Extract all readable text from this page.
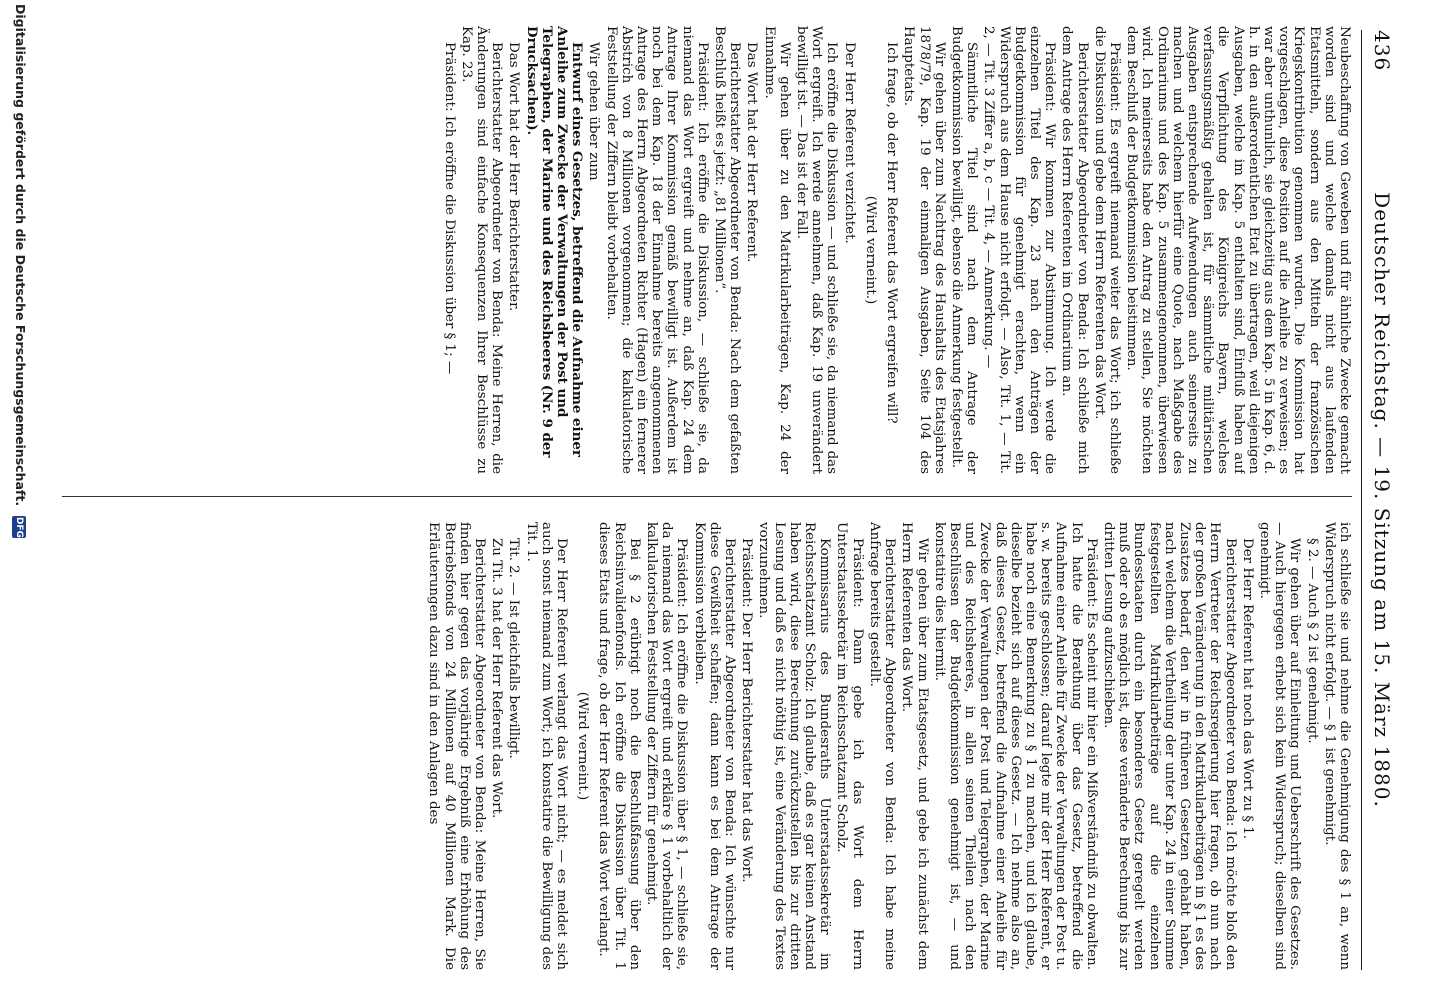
436
Deutscher Reichstag. — 19. Sitzung am 15. März 1880.

Neubeschaffung von Geweben und für ähnliche Zwecke gemacht worden sind und welche damals nicht aus laufenden Etatsmitteln, sondern aus den Mitteln der französischen Kriegskontribution genommen wurden. Die Kommission hat vorgeschlagen, diese Position auf die Anleihe zu verweisen; es war aber unthunlich, sie gleichzeitig aus dem Kap. 5 in Kap. 6, d. h. in den außerordentlichen Etat zu übertragen, weil diejenigen Ausgaben, welche im Kap. 5 enthalten sind, Einfluß haben auf die Verpflichtung des Königreichs Bayern, welches verfassungsmäßig gehalten ist, für sämmtliche militärischen Ausgaben entsprechende Aufwendungen auch seinerseits zu machen und welchem hierfür eine Quote, nach Maßgabe des Ordinariums und des Kap. 5 zusammengenommen, überwiesen wird. Ich meinerseits habe den Antrag zu stellen, Sie möchten dem Beschluß der Budgetkommission beistimmen.

Präsident: Es ergreift niemand weiter das Wort; ich schließe die Diskussion und gebe dem Herrn Referenten das Wort.

Berichterstatter Abgeordneter von Benda: Ich schließe mich dem Antrage des Herrn Referenten im Ordinarium an.

Präsident: Wir kommen zur Abstimmung. Ich werde die einzelnen Titel des Kap. 23 nach den Anträgen der Budgetkommission für genehmigt erachten, wenn ein Widerspruch aus dem Hause nicht erfolgt. — Also, Tit. 1, — Tit. 2, — Tit. 3 Ziffer a, b, c — Tit. 4, — Anmerkung. —

Sämmtliche Titel sind nach dem Antrage der Budgetkommission bewilligt, ebenso die Anmerkung festgestellt.

Wir gehen über zum Nachtrag des Haushalts des Etatsjahres 1878/79, Kap. 19 der einmaligen Ausgaben, Seite 104 des Hauptetats.

Ich frage, ob der Herr Referent das Wort ergreifen will?

(Wird verneint.)

Der Herr Referent verzichtet.

Ich eröffne die Diskussion — und schließe sie, da niemand das Wort ergreift. Ich werde annehmen, daß Kap. 19 unverändert bewilligt ist. — Das ist der Fall.

Wir gehen über zu den Matrikularbeiträgen, Kap. 24 der Einnahme.

Das Wort hat der Herr Referent.

Berichterstatter Abgeordneter von Benda: Nach dem gefaßten Beschluß heißt es jetzt: „81 Millionen“.

Präsident: Ich eröffne die Diskussion, — schließe sie, da niemand das Wort ergreift und nehme an, daß Kap. 24 dem Antrage Ihrer Kommission gemäß bewilligt ist. Außerdem ist noch bei dem Kap. 18 der Einnahme bereits angenommenen Antrage des Herrn Abgeordneten Richter (Hagen) ein fernerer Abstrich von 8 Millionen vorgenommen; die kalkulatorische Feststellung der Ziffern bleibt vorbehalten.

Wir gehen über zum

Entwurf eines Gesetzes, betreffend die Aufnahme einer Anleihe zum Zwecke der Verwaltungen der Post und Telegraphen, der Marine und des Reichsheeres (Nr. 9 der Drucksachen).

Das Wort hat der Herr Berichterstatter.

Berichterstatter Abgeordneter von Benda: Meine Herren, die Änderungen sind einfache Konsequenzen Ihrer Beschlüsse zu Kap. 23.

Präsident: Ich eröffne die Diskussion über § 1; —

ich schließe sie und nehme die Genehmigung des § 1 an, wenn Widerspruch nicht erfolgt. — § 1 ist genehmigt.

§ 2. — Auch § 2 ist genehmigt.

Wir gehen über auf Einleitung und Ueberschrift des Gesetzes. — Auch hiergegen erhebt sich kein Widerspruch; dieselben sind genehmigt.

Der Herr Referent hat noch das Wort zu § 1.

Berichterstatter Abgeordneter von Benda: Ich möchte bloß den Herrn Vertreter der Reichsregierung hier fragen, ob nun nach der großen Veränderung in den Matrikularbeiträgen in § 1 es des Zusatzes bedarf, den wir in früheren Gesetzen gehabt haben, nach welchem die Vertheilung der unter Kap. 24 in einer Summe festgestellten Matrikularbeiträge auf die einzelnen Bundesstaaten durch ein besonderes Gesetz geregelt werden muß oder ob es möglich ist, diese veränderte Berechnung bis zur dritten Lesung aufzuschieben.

Präsident: Es scheint mir hier ein Mißverständniß zu obwalten. Ich hatte die Berathung über das Gesetz, betreffend die Aufnahme einer Anleihe für Zwecke der Verwaltungen der Post u. s. w. bereits geschlossen; darauf legte mir der Herr Referent, er habe noch eine Bemerkung zu § 1 zu machen, und ich glaube, dieselbe bezieht sich auf dieses Gesetz. — Ich nehme also an, daß dieses Gesetz, betreffend die Aufnahme einer Anleihe für Zwecke der Verwaltungen der Post und Telegraphen, der Marine und des Reichsheeres, in allen seinen Theilen nach den Beschlüssen der Budgetkommission genehmigt ist, — und konstatire dies hiermit.

Wir gehen über zum Etatsgesetz, und gebe ich zunächst dem Herrn Referenten das Wort.

Berichterstatter Abgeordneter von Benda: Ich habe meine Anfrage bereits gestellt.

Präsident: Dann gebe ich das Wort dem Herrn Unterstaatssekretär im Reichsschatzamt Scholz.

Kommissarius des Bundesraths Unterstaatssekretär im Reichsschatzamt Scholz: Ich glaube, daß es gar keinen Anstand haben wird, diese Berechnung zurückzustellen bis zur dritten Lesung und daß es nicht nöthig ist, eine Veränderung des Textes vorzunehmen.

Präsident: Der Herr Berichterstatter hat das Wort.

Berichterstatter Abgeordneter von Benda: Ich wünschte nur diese Gewißheit schaffen; dann kann es bei dem Antrage der Kommission verbleiben.

Präsident: Ich eröffne die Diskussion über § 1, — schließe sie, da niemand das Wort ergreift und erkläre § 1 vorbehaltlich der kalkulatorischen Feststellung der Ziffern für genehmigt.

Bei § 2 erübrigt noch die Beschlußfassung über den Reichsinvalidenfonds. Ich eröffne die Diskussion über Tit. 1 dieses Etats und frage, ob der Herr Referent das Wort verlangt.

(Wird verneint.)

Der Herr Referent verlangt das Wort nicht; — es meldet sich auch sonst niemand zum Wort; ich konstatire die Bewilligung des Tit. 1.

Tit. 2. — Ist gleichfalls bewilligt.

Zu Tit. 3 hat der Herr Referent das Wort.

Berichterstatter Abgeordneter von Benda: Meine Herren, Sie finden hier gegen das vorjährige Ergebniß eine Erhöhung des Betriebsfonds von 24 Millionen auf 40 Millionen Mark. Die Erläuterungen dazu sind in den Anlagen des

Digitalisierung gefördert durch die Deutsche Forschungsgemeinschaft. DFG
